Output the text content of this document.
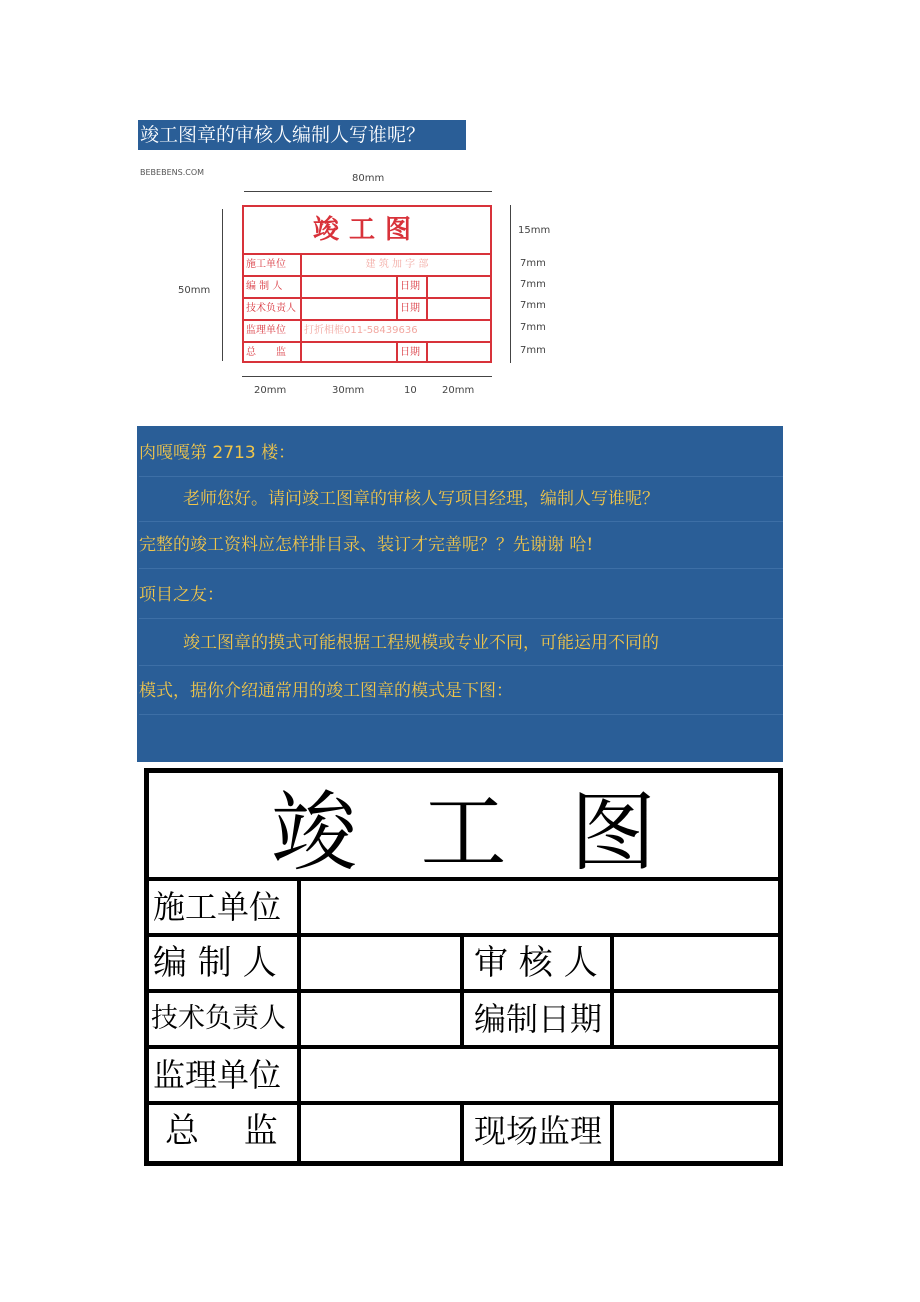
竣工图章的审核人编制人写谁呢？
BEBEBENS.COM
80mm
50mm
竣工图
施工单位	建 筑 加 字 部
编 制 人	日期
技术负责人	日期
监理单位	打折相框011-58439636
总　　监	日期
15mm
7mm
7mm
7mm
7mm
7mm
20mm	30mm	10	20mm
肉嘎嘎第 2713 楼：
老师您好。请问竣工图章的审核人写项目经理，编制人写谁呢？
完整的竣工资料应怎样排目录、装订才完善呢？？先谢谢 哈!
项目之友：
竣工图章的摸式可能根据工程规模或专业不同，可能运用不同的
模式，据你介绍通常用的竣工图章的模式是下图：
竣 工 图
施工单位
编 制 人	审 核 人
技术负责人	编制日期
监理单位
总　 监	现场监理
